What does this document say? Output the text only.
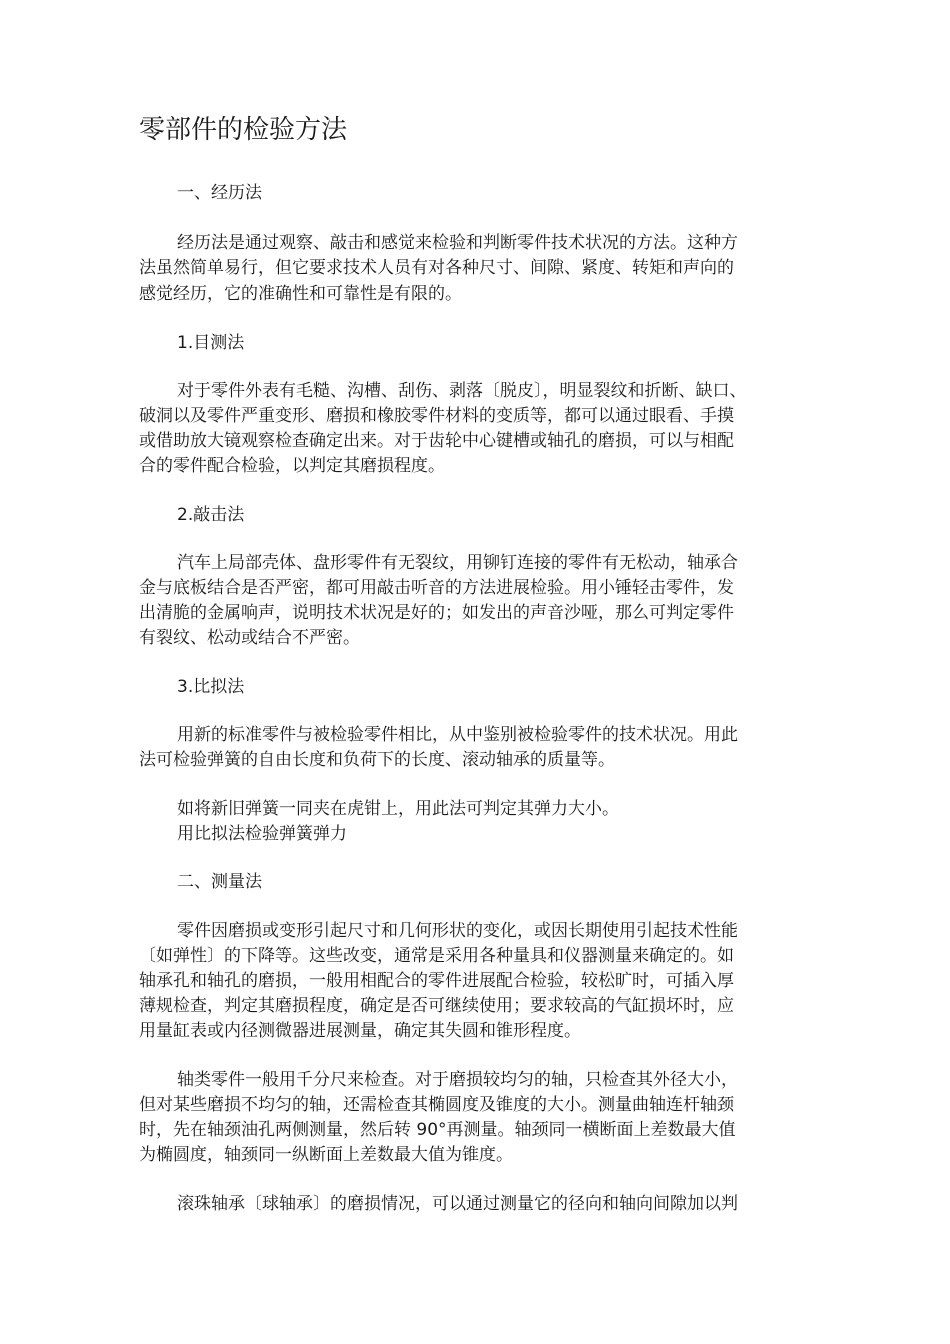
零部件的检验方法

一、经历法

经历法是通过观察、敲击和感觉来检验和判断零件技术状况的方法。这种方

法虽然简单易行，但它要求技术人员有对各种尺寸、间隙、紧度、转矩和声向的

感觉经历，它的准确性和可靠性是有限的。

1.目测法

对于零件外表有毛糙、沟槽、刮伤、剥落〔脱皮〕，明显裂纹和折断、缺口、

破洞以及零件严重变形、磨损和橡胶零件材料的变质等，都可以通过眼看、手摸

或借助放大镜观察检查确定出来。对于齿轮中心键槽或轴孔的磨损，可以与相配

合的零件配合检验，以判定其磨损程度。

2.敲击法

汽车上局部壳体、盘形零件有无裂纹，用铆钉连接的零件有无松动，轴承合

金与底板结合是否严密，都可用敲击听音的方法进展检验。用小锤轻击零件，发

出清脆的金属响声，说明技术状况是好的；如发出的声音沙哑，那么可判定零件

有裂纹、松动或结合不严密。

3.比拟法

用新的标准零件与被检验零件相比，从中鉴别被检验零件的技术状况。用此

法可检验弹簧的自由长度和负荷下的长度、滚动轴承的质量等。

如将新旧弹簧一同夹在虎钳上，用此法可判定其弹力大小。

用比拟法检验弹簧弹力

二、测量法

零件因磨损或变形引起尺寸和几何形状的变化，或因长期使用引起技术性能

〔如弹性〕的下降等。这些改变，通常是采用各种量具和仪器测量来确定的。如

轴承孔和轴孔的磨损，一般用相配合的零件进展配合检验，较松旷时，可插入厚

薄规检查，判定其磨损程度，确定是否可继续使用；要求较高的气缸损坏时，应

用量缸表或内径测微器进展测量，确定其失圆和锥形程度。

轴类零件一般用千分尺来检查。对于磨损较均匀的轴，只检查其外径大小，

但对某些磨损不均匀的轴，还需检查其椭圆度及锥度的大小。测量曲轴连杆轴颈

时，先在轴颈油孔两侧测量，然后转 90°再测量。轴颈同一横断面上差数最大值

为椭圆度，轴颈同一纵断面上差数最大值为锥度。

滚珠轴承〔球轴承〕的磨损情况，可以通过测量它的径向和轴向间隙加以判
